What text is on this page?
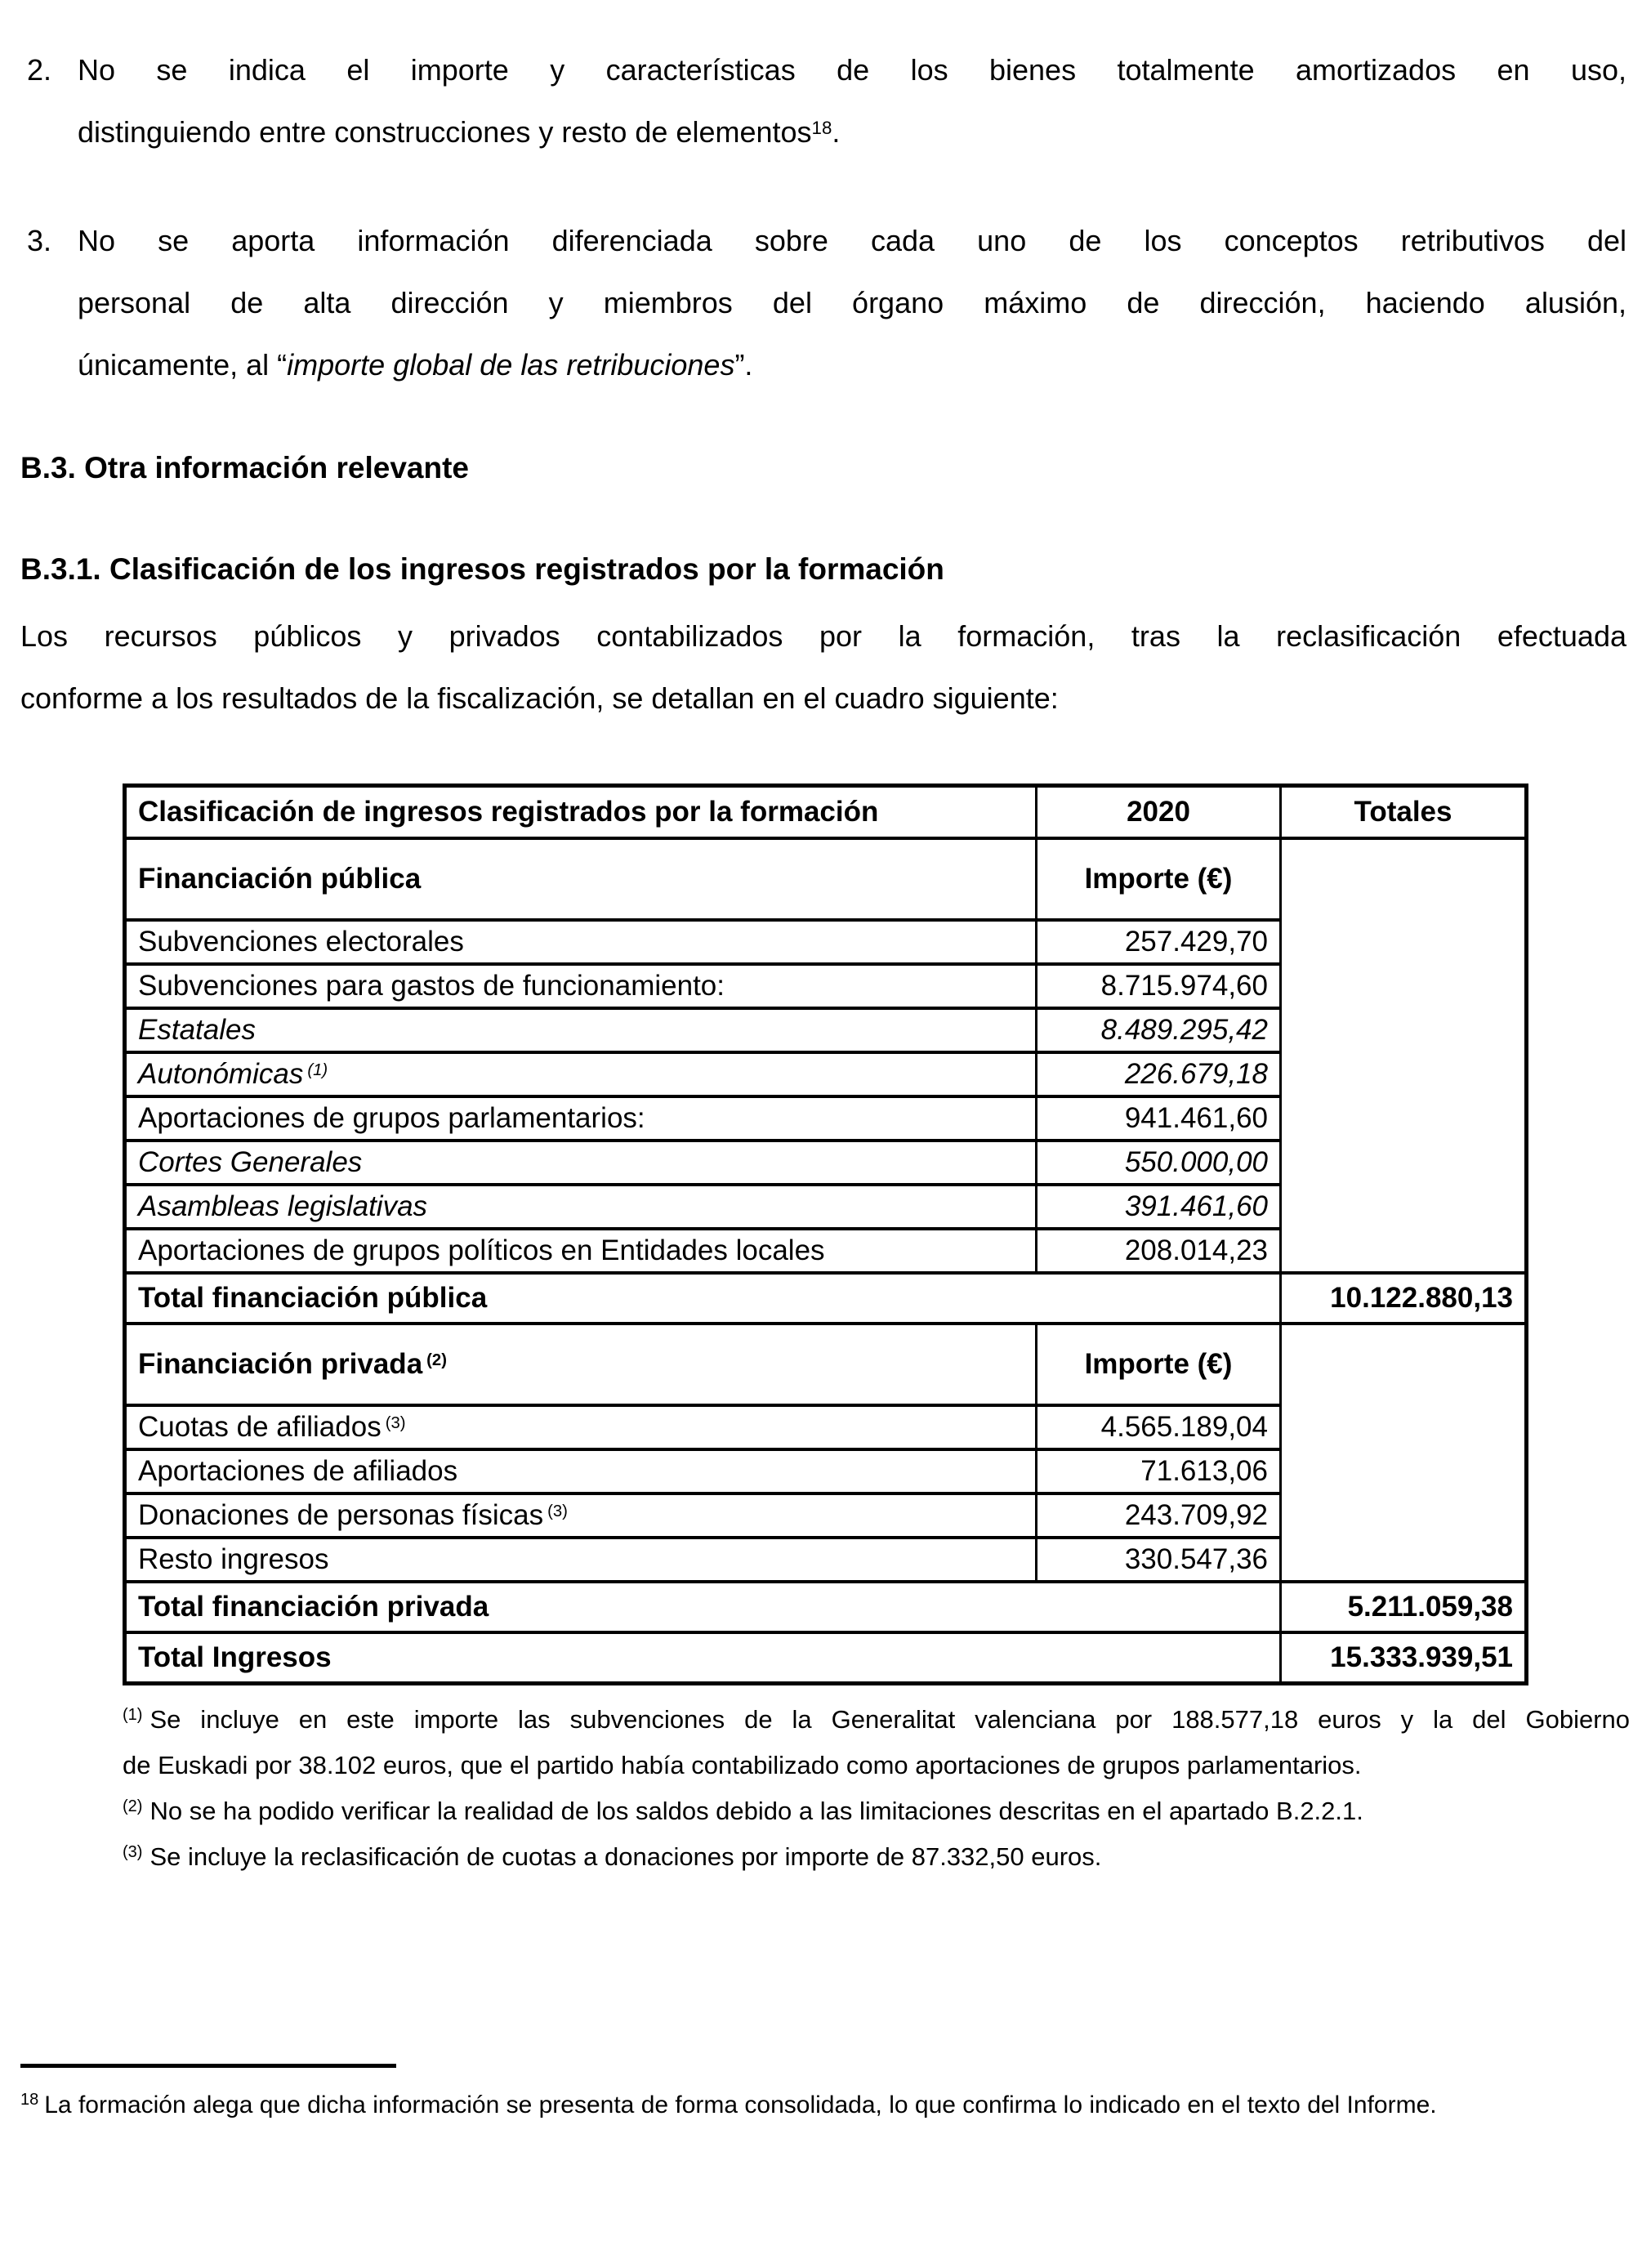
2. No se indica el importe y características de los bienes totalmente amortizados en uso,
distinguiendo entre construcciones y resto de elementos$^{18}$.
3. No se aporta información diferenciada sobre cada uno de los conceptos retributivos del
personal de alta dirección y miembros del órgano máximo de dirección, haciendo alusión,
únicamente, al “importe global de las retribuciones”.
B.3. Otra información relevante
B.3.1. Clasificación de los ingresos registrados por la formación
Los recursos públicos y privados contabilizados por la formación, tras la reclasificación efectuada
conforme a los resultados de la fiscalización, se detallan en el cuadro siguiente:
Clasificación de ingresos registrados por la formación	2020	Totales
Financiación pública	Importe (€)	
Subvenciones electorales	257.429,70	
Subvenciones para gastos de funcionamiento:	8.715.974,60	
Estatales	8.489.295,42	
Autonómicas $^{(1)}$	226.679,18	
Aportaciones de grupos parlamentarios:	941.461,60	
Cortes Generales	550.000,00	
Asambleas legislativas	391.461,60	
Aportaciones de grupos políticos en Entidades locales	208.014,23	
Total financiación pública		10.122.880,13
Financiación privada $^{(2)}$	Importe (€)	
Cuotas de afiliados $^{(3)}$	4.565.189,04	
Aportaciones de afiliados	71.613,06	
Donaciones de personas físicas $^{(3)}$	243.709,92	
Resto ingresos	330.547,36	
Total financiación privada		5.211.059,38
Total Ingresos		15.333.939,51

$^{(1)}$ Se incluye en este importe las subvenciones de la Generalitat valenciana por 188.577,18 euros y la del Gobierno
de Euskadi por 38.102 euros, que el partido había contabilizado como aportaciones de grupos parlamentarios.

$^{(2)}$ No se ha podido verificar la realidad de los saldos debido a las limitaciones descritas en el apartado B.2.2.1.

$^{(3)}$ Se incluye la reclasificación de cuotas a donaciones por importe de 87.332,50 euros.

$^{18}$ La formación alega que dicha información se presenta de forma consolidada, lo que confirma lo indicado en el texto del Informe.
